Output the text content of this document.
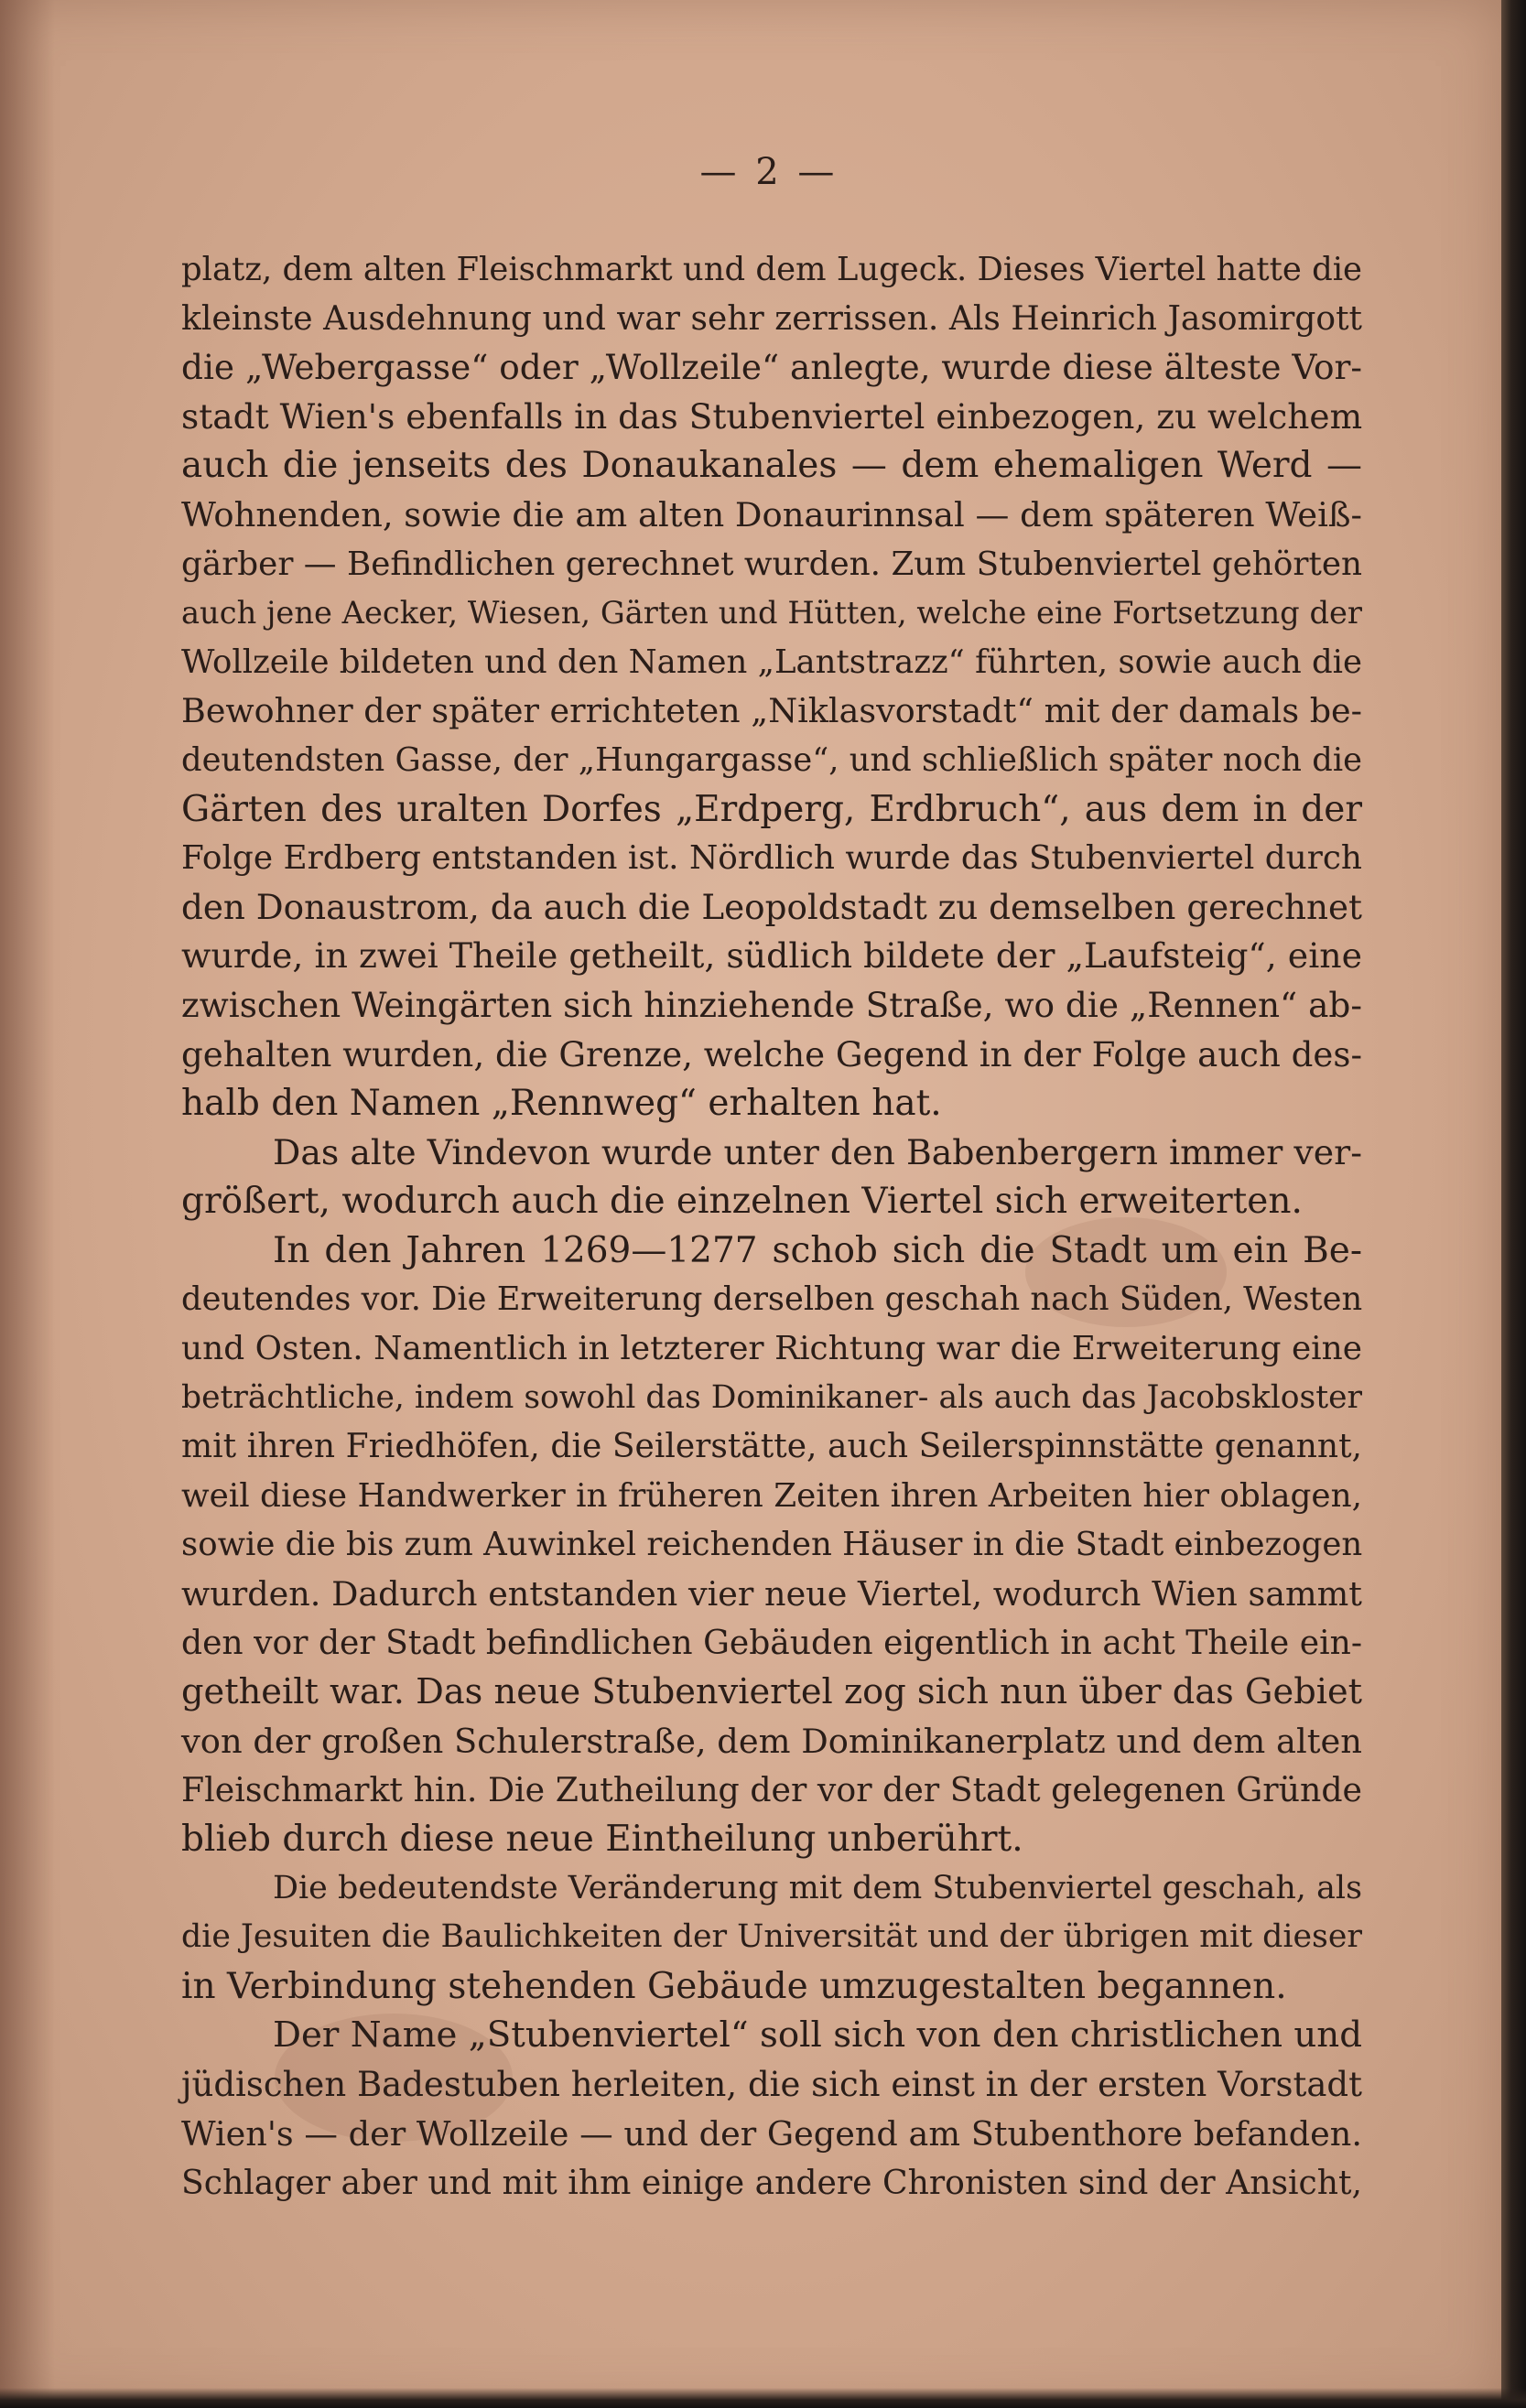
— 2 —
platz, dem alten Fleischmarkt und dem Lugeck. Dieses Viertel hatte die
kleinste Ausdehnung und war sehr zerrissen. Als Heinrich Jasomirgott
die „Webergasse“ oder „Wollzeile“ anlegte, wurde diese älteste Vor-
stadt Wien's ebenfalls in das Stubenviertel einbezogen, zu welchem
auch die jenseits des Donaukanales — dem ehemaligen Werd —
Wohnenden, sowie die am alten Donaurinnsal — dem späteren Weiß-
gärber — Befindlichen gerechnet wurden. Zum Stubenviertel gehörten
auch jene Aecker, Wiesen, Gärten und Hütten, welche eine Fortsetzung der
Wollzeile bildeten und den Namen „Lantstrazz“ führten, sowie auch die
Bewohner der später errichteten „Niklasvorstadt“ mit der damals be-
deutendsten Gasse, der „Hungargasse“, und schließlich später noch die
Gärten des uralten Dorfes „Erdperg, Erdbruch“, aus dem in der
Folge Erdberg entstanden ist. Nördlich wurde das Stubenviertel durch
den Donaustrom, da auch die Leopoldstadt zu demselben gerechnet
wurde, in zwei Theile getheilt, südlich bildete der „Laufsteig“, eine
zwischen Weingärten sich hinziehende Straße, wo die „Rennen“ ab-
gehalten wurden, die Grenze, welche Gegend in der Folge auch des-
halb den Namen „Rennweg“ erhalten hat.
Das alte Vindevon wurde unter den Babenbergern immer ver-
größert, wodurch auch die einzelnen Viertel sich erweiterten.
In den Jahren 1269—1277 schob sich die Stadt um ein Be-
deutendes vor. Die Erweiterung derselben geschah nach Süden, Westen
und Osten. Namentlich in letzterer Richtung war die Erweiterung eine
beträchtliche, indem sowohl das Dominikaner- als auch das Jacobskloster
mit ihren Friedhöfen, die Seilerstätte, auch Seilerspinnstätte genannt,
weil diese Handwerker in früheren Zeiten ihren Arbeiten hier oblagen,
sowie die bis zum Auwinkel reichenden Häuser in die Stadt einbezogen
wurden. Dadurch entstanden vier neue Viertel, wodurch Wien sammt
den vor der Stadt befindlichen Gebäuden eigentlich in acht Theile ein-
getheilt war. Das neue Stubenviertel zog sich nun über das Gebiet
von der großen Schulerstraße, dem Dominikanerplatz und dem alten
Fleischmarkt hin. Die Zutheilung der vor der Stadt gelegenen Gründe
blieb durch diese neue Eintheilung unberührt.
Die bedeutendste Veränderung mit dem Stubenviertel geschah, als
die Jesuiten die Baulichkeiten der Universität und der übrigen mit dieser
in Verbindung stehenden Gebäude umzugestalten begannen.
Der Name „Stubenviertel“ soll sich von den christlichen und
jüdischen Badestuben herleiten, die sich einst in der ersten Vorstadt
Wien's — der Wollzeile — und der Gegend am Stubenthore befanden.
Schlager aber und mit ihm einige andere Chronisten sind der Ansicht,
